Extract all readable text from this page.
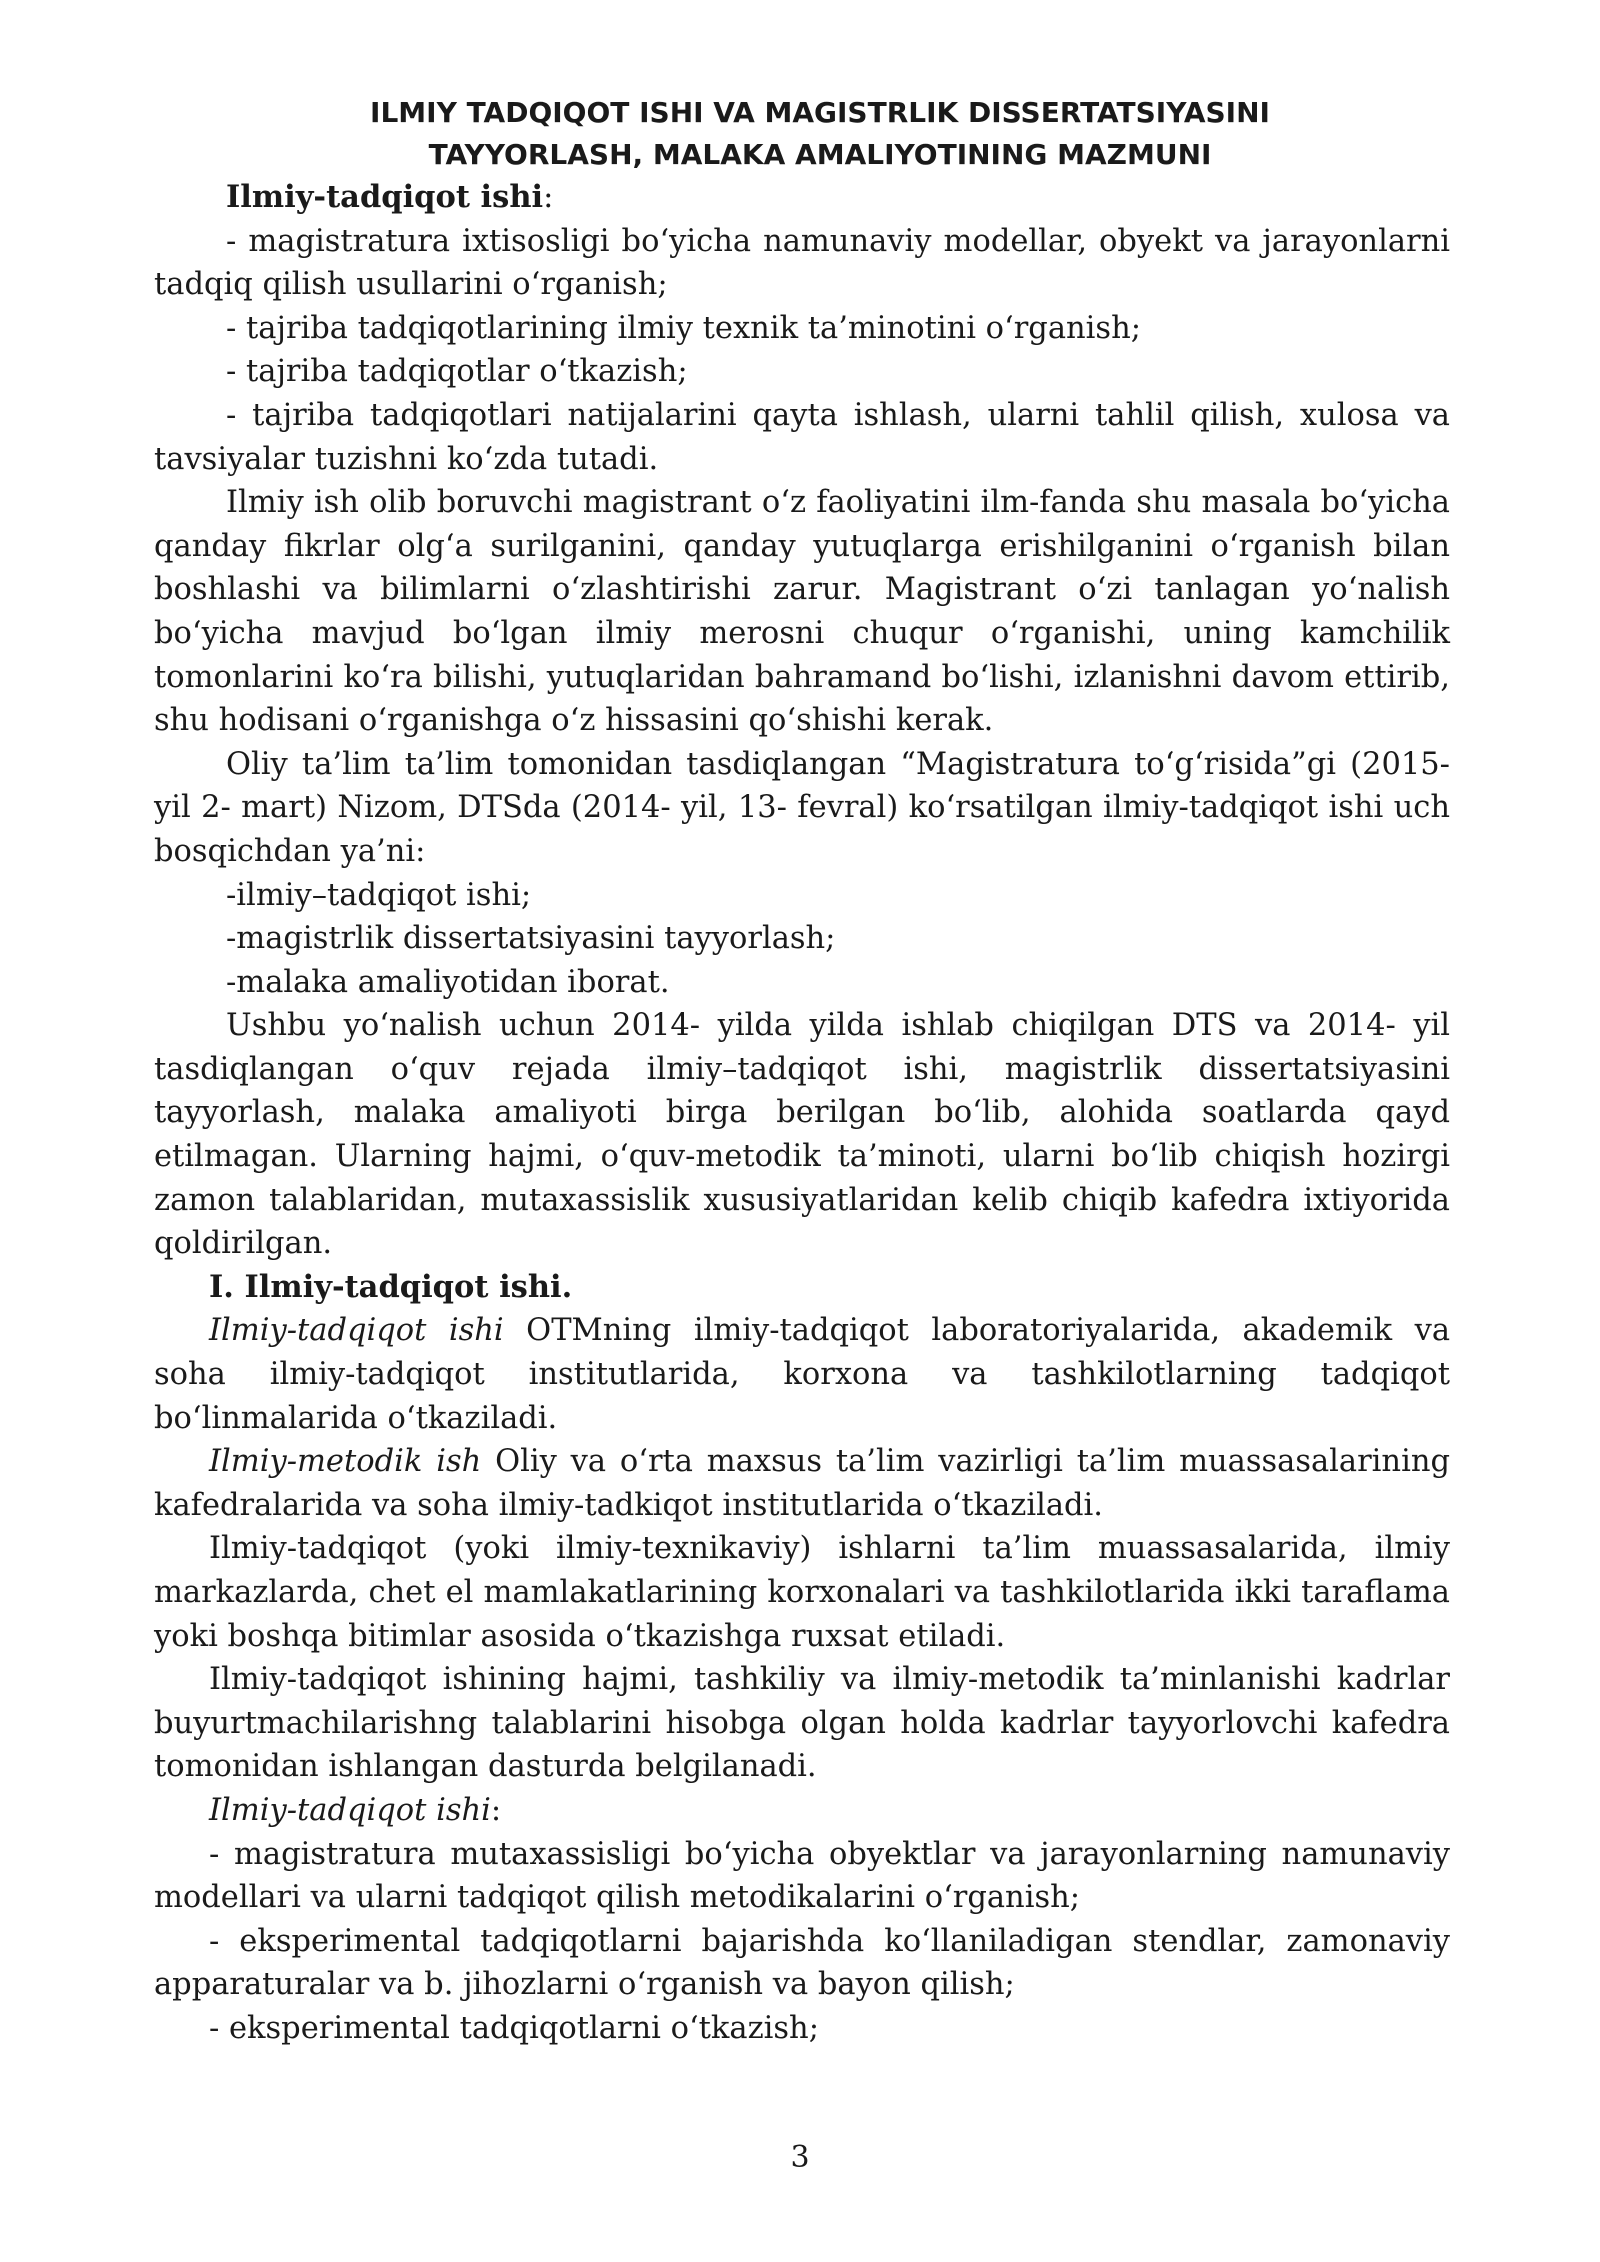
ILMIY TADQIQOT ISHI VA MAGISTRLIK DISSERTATSIYASINI
TAYYORLASH, MALAKA AMALIYOTINING MAZMUNI

Ilmiy-tadqiqot ishi:

- magistratura ixtisosligi bo‘yicha namunaviy modellar, obyekt va jarayonlarni tadqiq qilish usullarini o‘rganish;

- tajriba tadqiqotlarining ilmiy texnik ta’minotini o‘rganish;

- tajriba tadqiqotlar o‘tkazish;

- tajriba tadqiqotlari natijalarini qayta ishlash, ularni tahlil qilish, xulosa va tavsiyalar tuzishni ko‘zda tutadi.

Ilmiy ish olib boruvchi magistrant o‘z faoliyatini ilm-fanda shu masala bo‘yicha qanday fikrlar olg‘a surilganini, qanday yutuqlarga erishilganini o‘rganish bilan boshlashi va bilimlarni o‘zlashtirishi zarur. Magistrant o‘zi tanlagan yo‘nalish bo‘yicha mavjud bo‘lgan ilmiy merosni chuqur o‘rganishi, uning kamchilik tomonlarini ko‘ra bilishi, yutuqlaridan bahramand bo‘lishi, izlanishni davom ettirib, shu hodisani o‘rganishga o‘z hissasini qo‘shishi kerak.

Oliy ta’lim ta’lim tomonidan tasdiqlangan “Magistratura to‘g‘risida”gi (2015- yil 2- mart) Nizom, DTSda (2014- yil, 13- fevral) ko‘rsatilgan ilmiy-tadqiqot ishi uch bosqichdan ya’ni:

-ilmiy–tadqiqot ishi;

-magistrlik dissertatsiyasini tayyorlash;

-malaka amaliyotidan iborat.

Ushbu yo‘nalish uchun 2014- yilda yilda ishlab chiqilgan DTS va 2014- yil tasdiqlangan o‘quv rejada ilmiy–tadqiqot ishi, magistrlik dissertatsiyasini tayyorlash, malaka amaliyoti birga berilgan bo‘lib, alohida soatlarda qayd etilmagan. Ularning hajmi, o‘quv-metodik ta’minoti, ularni bo‘lib chiqish hozirgi zamon talablaridan, mutaxassislik xususiyatlaridan kelib chiqib kafedra ixtiyorida qoldirilgan.

I. Ilmiy-tadqiqot ishi.

Ilmiy-tadqiqot ishi OTMning ilmiy-tadqiqot laboratoriyalarida, akademik va soha ilmiy-tadqiqot institutlarida, korxona va tashkilotlarning tadqiqot bo‘linmalarida o‘tkaziladi.

Ilmiy-metodik ish Oliy va o‘rta maxsus ta’lim vazirligi ta’lim muassasalarining kafedralarida va soha ilmiy-tadkiqot institutlarida o‘tkaziladi.

Ilmiy-tadqiqot (yoki ilmiy-texnikaviy) ishlarni ta’lim muassasalarida, ilmiy markazlarda, chet el mamlakatlarining korxonalari va tashkilotlarida ikki taraflama yoki boshqa bitimlar asosida o‘tkazishga ruxsat etiladi.

Ilmiy-tadqiqot ishining hajmi, tashkiliy va ilmiy-metodik ta’minlanishi kadrlar buyurtmachilarishng talablarini hisobga olgan holda kadrlar tayyorlovchi kafedra tomonidan ishlangan dasturda belgilanadi.

Ilmiy-tadqiqot ishi:

- magistratura mutaxassisligi bo‘yicha obyektlar va jarayonlarning namunaviy modellari va ularni tadqiqot qilish metodikalarini o‘rganish;

- eksperimental tadqiqotlarni bajarishda ko‘llaniladigan stendlar, zamonaviy apparaturalar va b. jihozlarni o‘rganish va bayon qilish;

- eksperimental tadqiqotlarni o‘tkazish;

3
